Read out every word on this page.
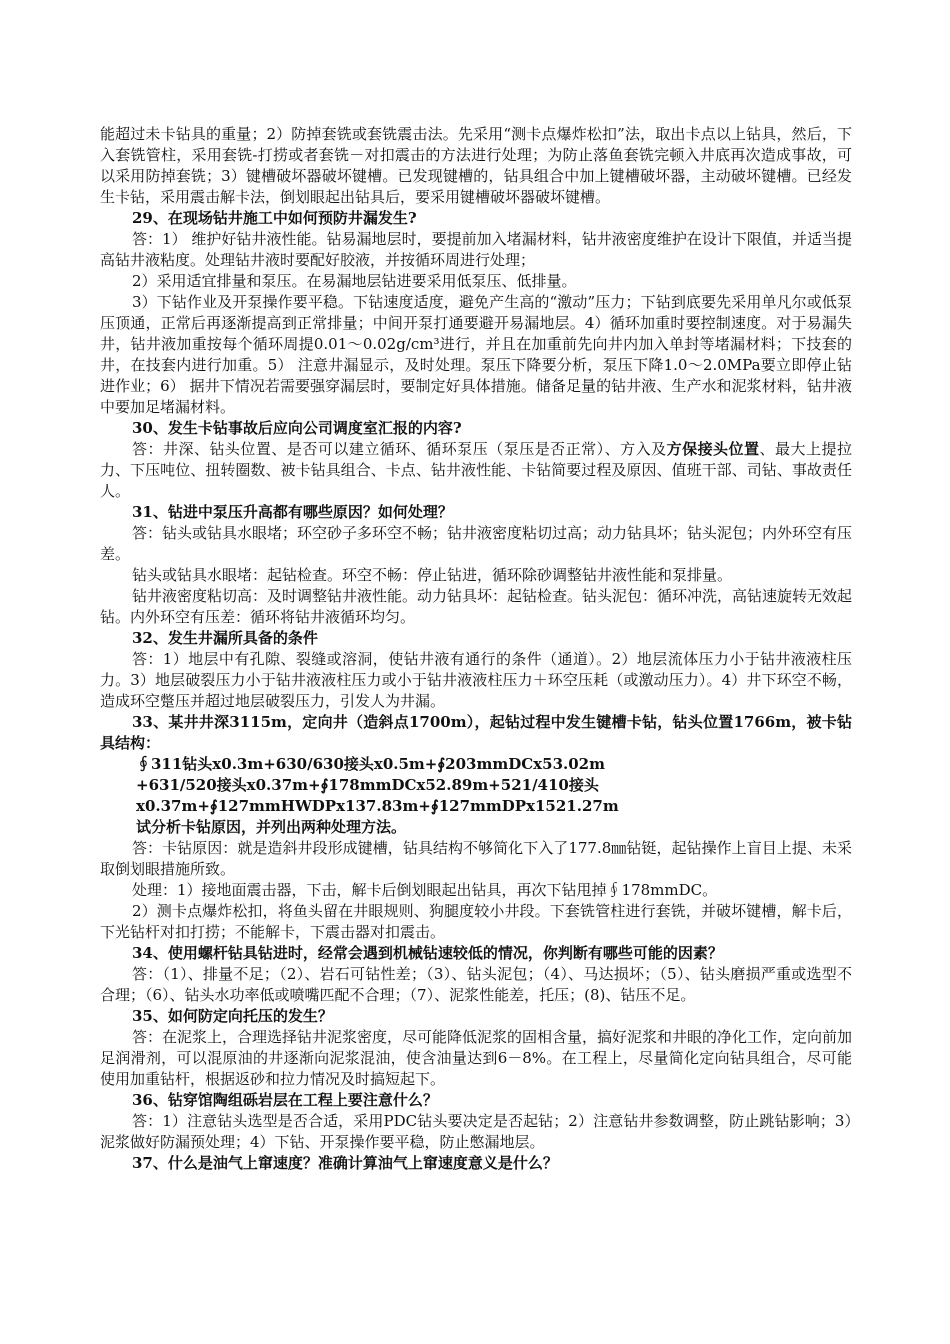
能超过未卡钻具的重量；2）防掉套铣或套铣震击法。先采用“测卡点爆炸松扣”法，取出卡点以上钻具，然后，下入套铣管柱，采用套铣-打捞或者套铣－对扣震击的方法进行处理；为防止落鱼套铣完顿入井底再次造成事故，可以采用防掉套铣；3）键槽破坏器破坏键槽。已发现键槽的，钻具组合中加上键槽破坏器，主动破坏键槽。已经发生卡钻，采用震击解卡法，倒划眼起出钻具后，要采用键槽破坏器破坏键槽。

29、在现场钻井施工中如何预防井漏发生?

答：1） 维护好钻井液性能。钻易漏地层时，要提前加入堵漏材料，钻井液密度维护在设计下限值，并适当提高钻井液粘度。处理钻井液时要配好胶液，并按循环周进行处理；

2）采用适宜排量和泵压。在易漏地层钻进要采用低泵压、低排量。

3）下钻作业及开泵操作要平稳。下钻速度适度，避免产生高的“激动”压力；下钻到底要先采用单凡尔或低泵压顶通，正常后再逐渐提高到正常排量；中间开泵打通要避开易漏地层。4）循环加重时要控制速度。对于易漏失井，钻井液加重按每个循环周提0.01～0.02g/cm³进行，并且在加重前先向井内加入单封等堵漏材料；下技套的井，在技套内进行加重。5） 注意井漏显示，及时处理。泵压下降要分析，泵压下降1.0～2.0MPa要立即停止钻进作业；6） 据井下情况若需要强穿漏层时，要制定好具体措施。储备足量的钻井液、生产水和泥浆材料，钻井液中要加足堵漏材料。

30、发生卡钻事故后应向公司调度室汇报的内容?

答：井深、钻头位置、是否可以建立循环、循环泵压（泵压是否正常）、方入及方保接头位置、最大上提拉力、下压吨位、扭转圈数、被卡钻具组合、卡点、钻井液性能、卡钻简要过程及原因、值班干部、司钻、事故责任人。

31、钻进中泵压升高都有哪些原因？如何处理？

答：钻头或钻具水眼堵；环空砂子多环空不畅；钻井液密度粘切过高；动力钻具坏；钻头泥包；内外环空有压差。

钻头或钻具水眼堵：起钻检查。环空不畅：停止钻进，循环除砂调整钻井液性能和泵排量。

钻井液密度粘切高：及时调整钻井液性能。动力钻具坏：起钻检查。钻头泥包：循环冲洗，高钻速旋转无效起钻。内外环空有压差：循环将钻井液循环均匀。

32、发生井漏所具备的条件

答：1）地层中有孔隙、裂缝或溶洞，使钻井液有通行的条件（通道）。2）地层流体压力小于钻井液液柱压力。3）地层破裂压力小于钻井液液柱压力或小于钻井液液柱压力＋环空压耗（或激动压力）。4）井下环空不畅，造成环空蹩压并超过地层破裂压力，引发人为井漏。

33、某井井深3115m，定向井（造斜点1700m），起钻过程中发生键槽卡钻，钻头位置1766m，被卡钻具结构：

∮311钻头x0.3m+630/630接头x0.5m+∮203mmDCx53.02m

+631/520接头x0.37m+∮178mmDCx52.89m+521/410接头

x0.37m+∮127mmHWDPx137.83m+∮127mmDPx1521.27m

试分析卡钻原因，并列出两种处理方法。

答：卡钻原因：就是造斜井段形成键槽，钻具结构不够简化下入了177.8㎜钻铤，起钻操作上盲目上提、未采取倒划眼措施所致。

处理：1）接地面震击器，下击，解卡后倒划眼起出钻具，再次下钻甩掉∮178mmDC。

2）测卡点爆炸松扣，将鱼头留在井眼规则、狗腿度较小井段。下套铣管柱进行套铣，并破坏键槽，解卡后，下光钻杆对扣打捞；不能解卡，下震击器对扣震击。

34、使用螺杆钻具钻进时，经常会遇到机械钻速较低的情况，你判断有哪些可能的因素？

答：（1）、排量不足；（2）、岩石可钻性差；（3）、钻头泥包；（4）、马达损坏；（5）、钻头磨损严重或选型不合理；（6）、钻头水功率低或喷嘴匹配不合理；（7）、泥浆性能差，托压；(8)、钻压不足。

35、如何防定向托压的发生？

答：在泥浆上，合理选择钻井泥浆密度，尽可能降低泥浆的固相含量，搞好泥浆和井眼的净化工作，定向前加足润滑剂，可以混原油的井逐渐向泥浆混油，使含油量达到6－8%。在工程上，尽量简化定向钻具组合，尽可能使用加重钻杆，根据返砂和拉力情况及时搞短起下。

36、钻穿馆陶组砾岩层在工程上要注意什么？

答：1）注意钻头选型是否合适，采用PDC钻头要决定是否起钻；2）注意钻井参数调整，防止跳钻影响；3）泥浆做好防漏预处理；4）下钻、开泵操作要平稳，防止憋漏地层。

37、什么是油气上窜速度？准确计算油气上窜速度意义是什么？
